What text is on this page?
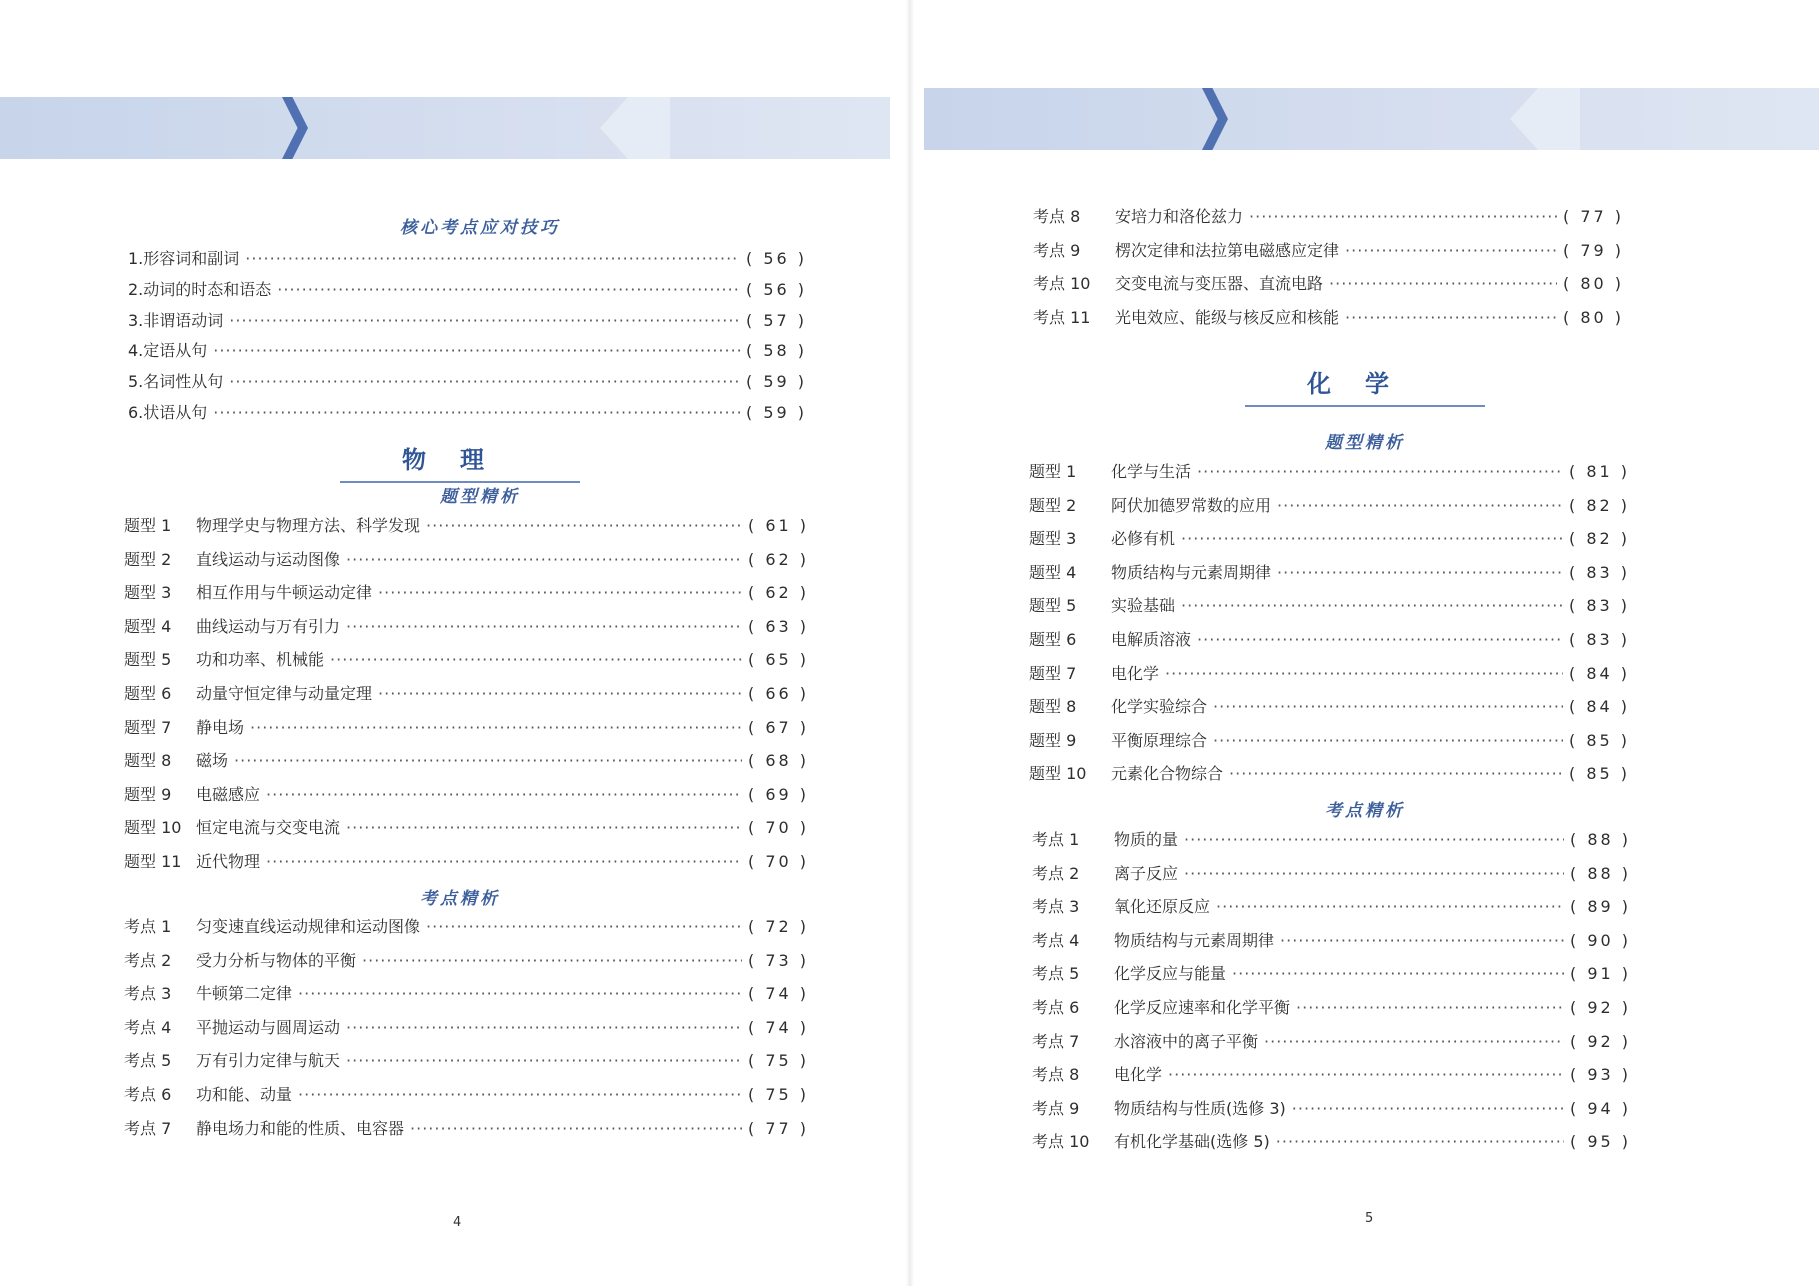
核心考点应对技巧
1. 形容词和副词 ·····	( 56 )
2. 动词的时态和语态 ·····	( 56 )
3. 非谓语动词 ·····	( 57 )
4. 定语从句 ·····	( 58 )
5. 名词性从句 ·····	( 59 )
6. 状语从句 ·····	( 59 )
物理
题型精析
题型 1	物理学史与物理方法、科学发现 ·····	( 61 )
题型 2	直线运动与运动图像 ·····	( 62 )
题型 3	相互作用与牛顿运动定律 ·····	( 62 )
题型 4	曲线运动与万有引力 ·····	( 63 )
题型 5	功和功率、机械能 ·····	( 65 )
题型 6	动量守恒定律与动量定理 ·····	( 66 )
题型 7	静电场 ·····	( 67 )
题型 8	磁场 ·····	( 68 )
题型 9	电磁感应 ·····	( 69 )
题型 10 恒定电流与交变电流 ·····	( 70 )
题型 11 近代物理 ·····	( 70 )
考点精析
考点 1	匀变速直线运动规律和运动图像 ·····	( 72 )
考点 2	受力分析与物体的平衡 ·····	( 73 )
考点 3	牛顿第二定律 ·····	( 74 )
考点 4	平抛运动与圆周运动 ·····	( 74 )
考点 5	万有引力定律与航天 ·····	( 75 )
考点 6	功和能、动量 ·····	( 75 )
考点 7	静电场力和能的性质、电容器 ·····	( 77 )
4
考点 8	安培力和洛伦兹力 ·····	( 77 )
考点 9	楞次定律和法拉第电磁感应定律 ·····	( 79 )
考点 10	交变电流与变压器、直流电路 ·····	( 80 )
考点 11	光电效应、能级与核反应和核能 ·····	( 80 )
化学
题型精析
题型 1	化学与生活 ·····	( 81 )
题型 2	阿伏加德罗常数的应用 ·····	( 82 )
题型 3	必修有机 ·····	( 82 )
题型 4	物质结构与元素周期律 ·····	( 83 )
题型 5	实验基础 ·····	( 83 )
题型 6	电解质溶液 ·····	( 83 )
题型 7	电化学 ·····	( 84 )
题型 8	化学实验综合 ·····	( 84 )
题型 9	平衡原理综合 ·····	( 85 )
题型 10	元素化合物综合 ·····	( 85 )
考点精析
考点 1	物质的量 ·····	( 88 )
考点 2	离子反应 ·····	( 88 )
考点 3	氧化还原反应 ·····	( 89 )
考点 4	物质结构与元素周期律 ·····	( 90 )
考点 5	化学反应与能量 ·····	( 91 )
考点 6	化学反应速率和化学平衡 ·····	( 92 )
考点 7	水溶液中的离子平衡 ·····	( 92 )
考点 8	电化学 ·····	( 93 )
考点 9	物质结构与性质(选修 3) ·····	( 94 )
考点 10	有机化学基础(选修 5) ·····	( 95 )
5
